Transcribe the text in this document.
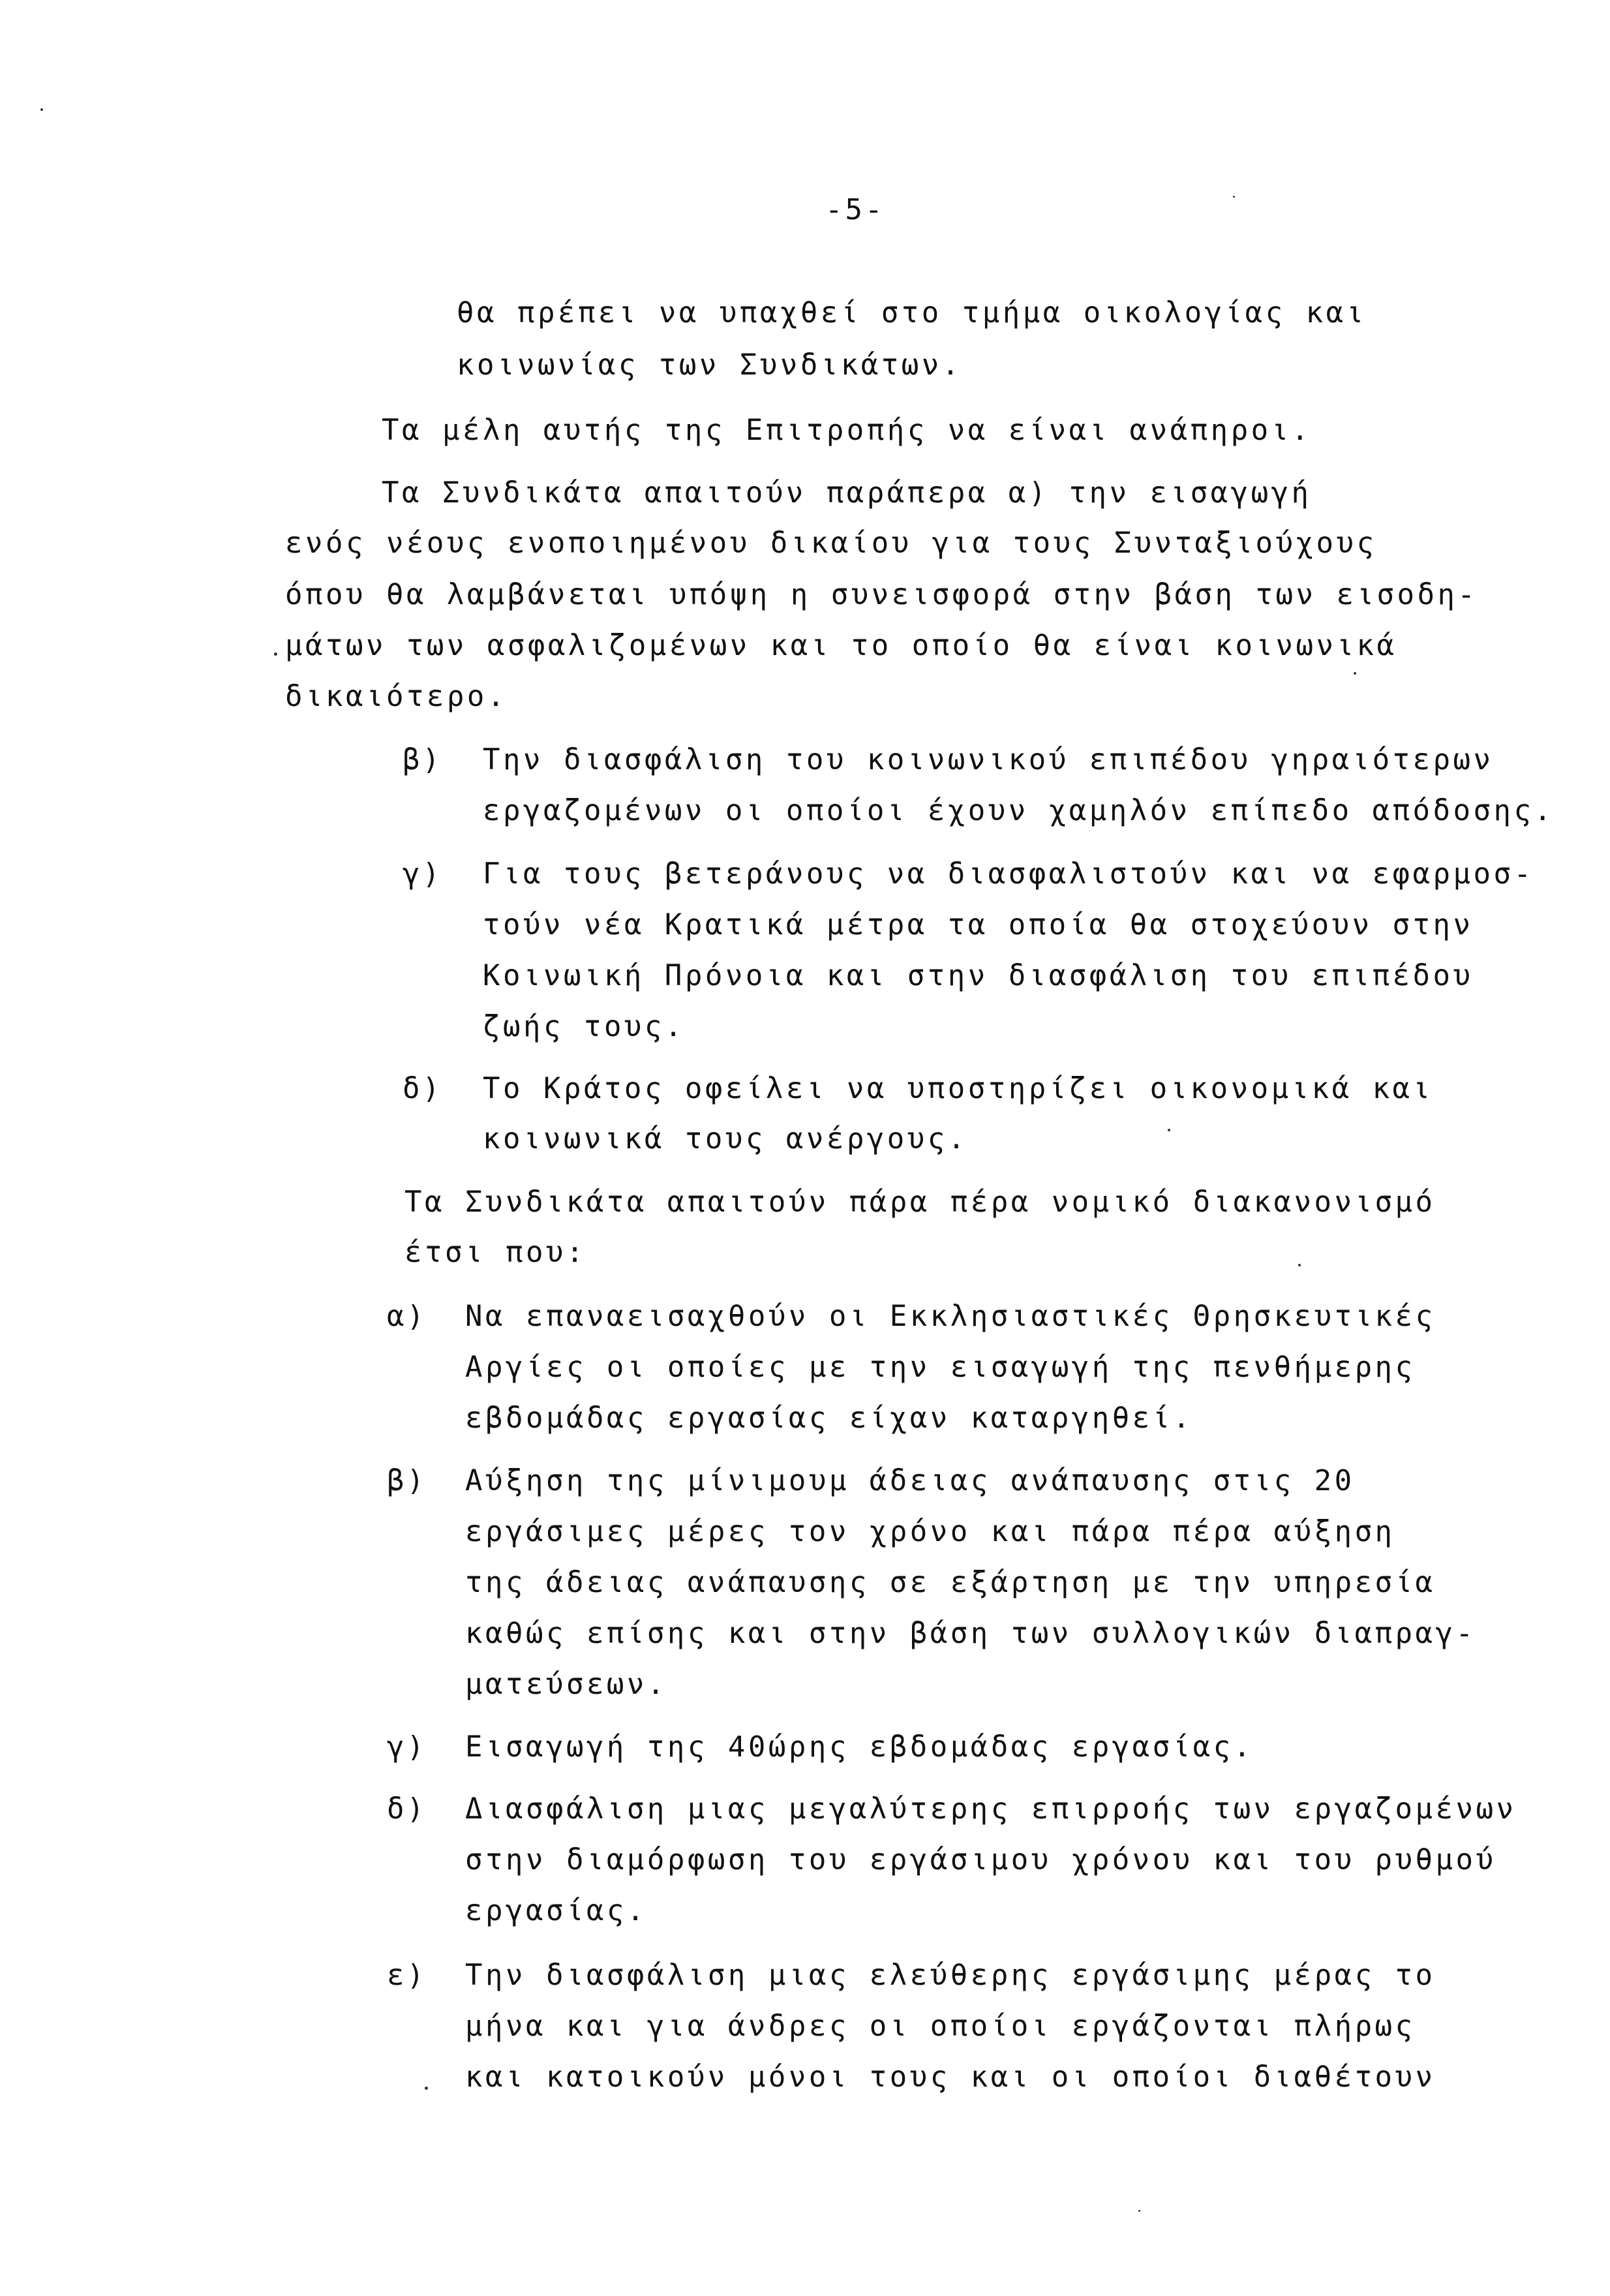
-5-
θα πρέπει να υπαχθεί στο τμήμα οικολογίας και
κοινωνίας των Συνδικάτων.
Τα μέλη αυτής της Επιτροπής να είναι ανάπηροι.
Τα Συνδικάτα απαιτούν παράπερα α) την εισαγωγή
ενός νέους ενοποιημένου δικαίου για τους Συνταξιούχους
όπου θα λαμβάνεται υπόψη η συνεισφορά στην βάση των εισοδη-
μάτων των ασφαλιζομένων και το οποίο θα είναι κοινωνικά
δικαιότερο.
β) Την διασφάλιση του κοινωνικού επιπέδου γηραιότερων
εργαζομένων οι οποίοι έχουν χαμηλόν επίπεδο απόδοσης.
γ) Για τους βετεράνους να διασφαλιστούν και να εφαρμοσ-
τούν νέα Κρατικά μέτρα τα οποία θα στοχεύουν στην
Κοινωική Πρόνοια και στην διασφάλιση του επιπέδου
ζωής τους.
δ) Το Κράτος οφείλει να υποστηρίζει οικονομικά και
κοινωνικά τους ανέργους.
Τα Συνδικάτα απαιτούν πάρα πέρα νομικό διακανονισμό
έτσι που:
α) Να επαναεισαχθούν οι Εκκλησιαστικές Θρησκευτικές
Αργίες οι οποίες με την εισαγωγή της πενθήμερης
εβδομάδας εργασίας είχαν καταργηθεί.
β) Αύξηση της μίνιμουμ άδειας ανάπαυσης στις 20
εργάσιμες μέρες τον χρόνο και πάρα πέρα αύξηση
της άδειας ανάπαυσης σε εξάρτηση με την υπηρεσία
καθώς επίσης και στην βάση των συλλογικών διαπραγ-
ματεύσεων.
γ) Εισαγωγή της 40ώρης εβδομάδας εργασίας.
δ) Διασφάλιση μιας μεγαλύτερης επιρροής των εργαζομένων
στην διαμόρφωση του εργάσιμου χρόνου και του ρυθμού
εργασίας.
ε) Την διασφάλιση μιας ελεύθερης εργάσιμης μέρας το
μήνα και για άνδρες οι οποίοι εργάζονται πλήρως
και κατοικούν μόνοι τους και οι οποίοι διαθέτουν
